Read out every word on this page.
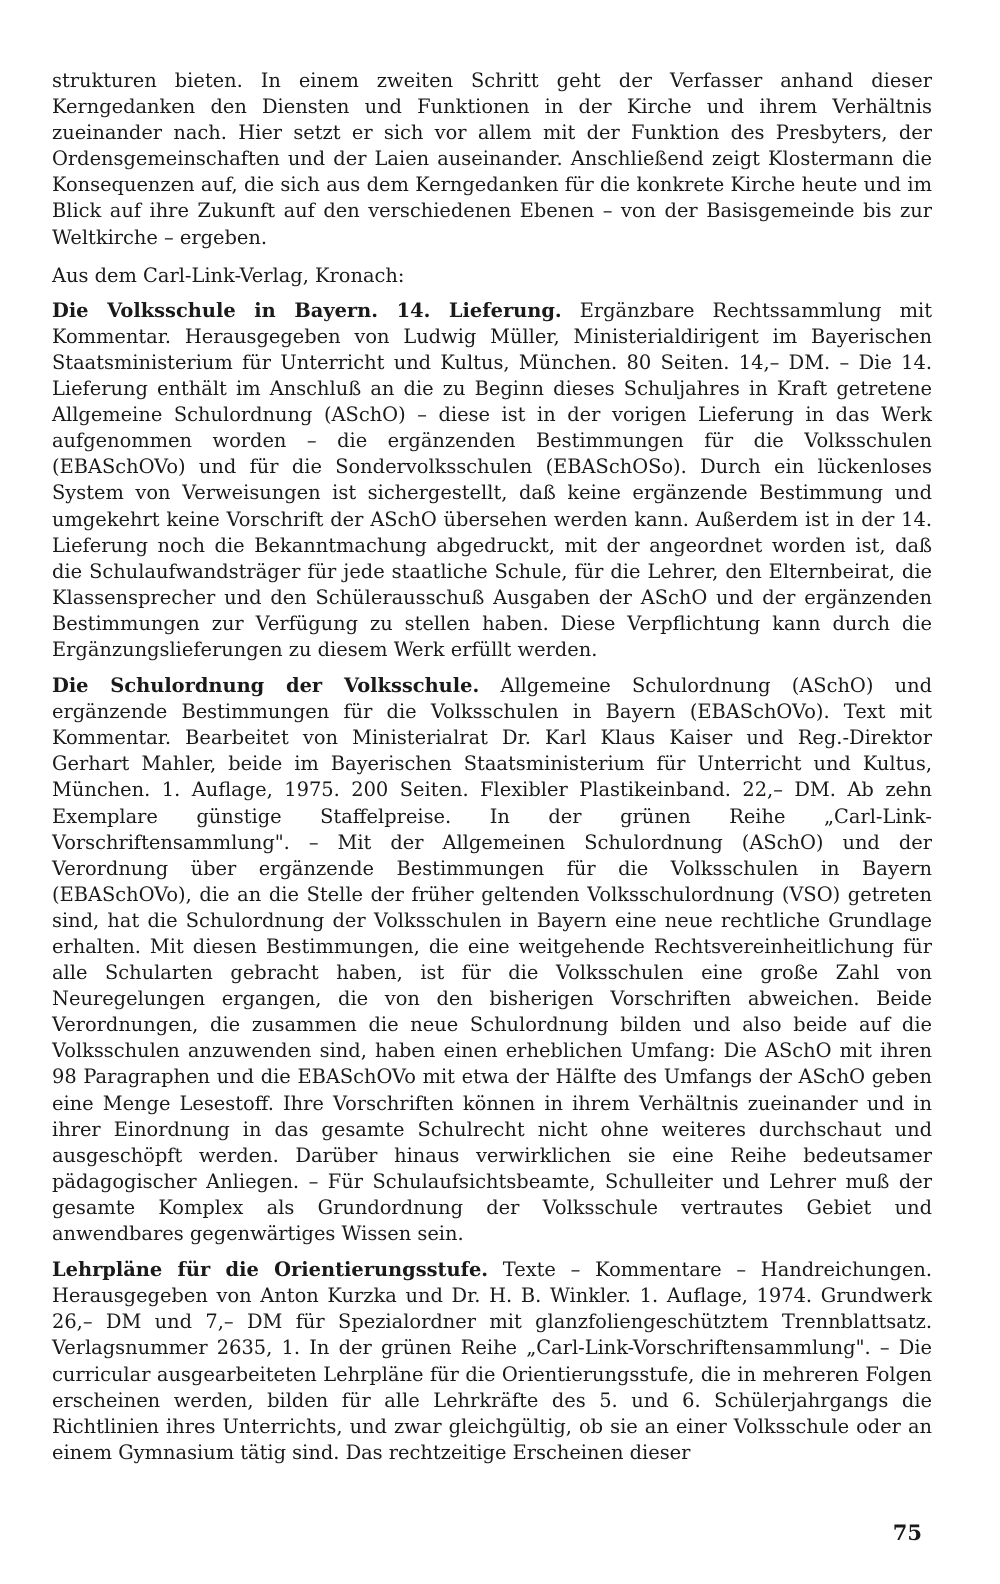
strukturen bieten. In einem zweiten Schritt geht der Verfasser anhand dieser Kerngedanken den Diensten und Funktionen in der Kirche und ihrem Verhältnis zueinander nach. Hier setzt er sich vor allem mit der Funktion des Presbyters, der Ordensgemeinschaften und der Laien auseinander. Anschließend zeigt Klostermann die Konsequenzen auf, die sich aus dem Kerngedanken für die konkrete Kirche heute und im Blick auf ihre Zukunft auf den verschiedenen Ebenen – von der Basisgemeinde bis zur Weltkirche – ergeben.

Aus dem Carl-Link-Verlag, Kronach:

Die Volksschule in Bayern. 14. Lieferung. Ergänzbare Rechtssammlung mit Kommentar. Herausgegeben von Ludwig Müller, Ministerialdirigent im Bayerischen Staatsministerium für Unterricht und Kultus, München. 80 Seiten. 14,– DM. – Die 14. Lieferung enthält im Anschluß an die zu Beginn dieses Schuljahres in Kraft getretene Allgemeine Schulordnung (ASchO) – diese ist in der vorigen Lieferung in das Werk aufgenommen worden – die ergänzenden Bestimmungen für die Volksschulen (EBASchOVo) und für die Sondervolksschulen (EBASchOSo). Durch ein lückenloses System von Verweisungen ist sichergestellt, daß keine ergänzende Bestimmung und umgekehrt keine Vorschrift der ASchO übersehen werden kann. Außerdem ist in der 14. Lieferung noch die Bekanntmachung abgedruckt, mit der angeordnet worden ist, daß die Schulaufwandsträger für jede staatliche Schule, für die Lehrer, den Elternbeirat, die Klassensprecher und den Schülerausschuß Ausgaben der ASchO und der ergänzenden Bestimmungen zur Verfügung zu stellen haben. Diese Verpflichtung kann durch die Ergänzungslieferungen zu diesem Werk erfüllt werden.

Die Schulordnung der Volksschule. Allgemeine Schulordnung (ASchO) und ergänzende Bestimmungen für die Volksschulen in Bayern (EBASchOVo). Text mit Kommentar. Bearbeitet von Ministerialrat Dr. Karl Klaus Kaiser und Reg.-Direktor Gerhart Mahler, beide im Bayerischen Staatsministerium für Unterricht und Kultus, München. 1. Auflage, 1975. 200 Seiten. Flexibler Plastikeinband. 22,– DM. Ab zehn Exemplare günstige Staffelpreise. In der grünen Reihe „Carl-Link-Vorschriftensammlung". – Mit der Allgemeinen Schulordnung (ASchO) und der Verordnung über ergänzende Bestimmungen für die Volksschulen in Bayern (EBASchOVo), die an die Stelle der früher geltenden Volksschulordnung (VSO) getreten sind, hat die Schulordnung der Volksschulen in Bayern eine neue rechtliche Grundlage erhalten. Mit diesen Bestimmungen, die eine weitgehende Rechtsvereinheitlichung für alle Schularten gebracht haben, ist für die Volksschulen eine große Zahl von Neuregelungen ergangen, die von den bisherigen Vorschriften abweichen. Beide Verordnungen, die zusammen die neue Schulordnung bilden und also beide auf die Volksschulen anzuwenden sind, haben einen erheblichen Umfang: Die ASchO mit ihren 98 Paragraphen und die EBASchOVo mit etwa der Hälfte des Umfangs der ASchO geben eine Menge Lesestoff. Ihre Vorschriften können in ihrem Verhältnis zueinander und in ihrer Einordnung in das gesamte Schulrecht nicht ohne weiteres durchschaut und ausgeschöpft werden. Darüber hinaus verwirklichen sie eine Reihe bedeutsamer pädagogischer Anliegen. – Für Schulaufsichtsbeamte, Schulleiter und Lehrer muß der gesamte Komplex als Grundordnung der Volksschule vertrautes Gebiet und anwendbares gegenwärtiges Wissen sein.

Lehrpläne für die Orientierungsstufe. Texte – Kommentare – Handreichungen. Herausgegeben von Anton Kurzka und Dr. H. B. Winkler. 1. Auflage, 1974. Grundwerk 26,– DM und 7,– DM für Spezialordner mit glanzfoliengeschütztem Trennblattsatz. Verlagsnummer 2635, 1. In der grünen Reihe „Carl-Link-Vorschriftensammlung". – Die curricular ausgearbeiteten Lehrpläne für die Orientierungsstufe, die in mehreren Folgen erscheinen werden, bilden für alle Lehrkräfte des 5. und 6. Schülerjahrgangs die Richtlinien ihres Unterrichts, und zwar gleichgültig, ob sie an einer Volksschule oder an einem Gymnasium tätig sind. Das rechtzeitige Erscheinen dieser

75
